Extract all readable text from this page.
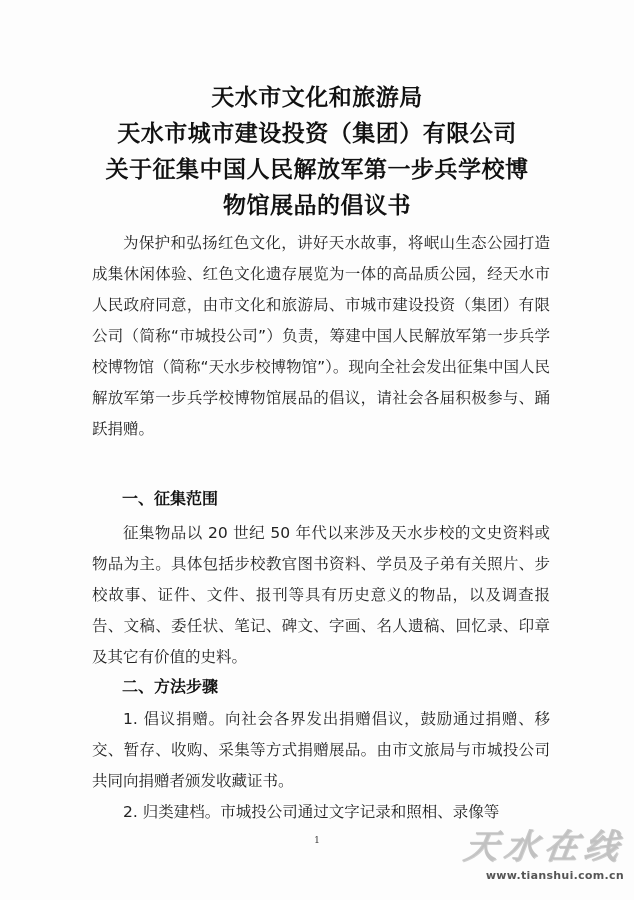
天水市文化和旅游局
天水市城市建设投资（集团）有限公司
关于征集中国人民解放军第一步兵学校博
物馆展品的倡议书

为保护和弘扬红色文化，讲好天水故事，将岷山生态公园打造成集休闲体验、红色文化遗存展览为一体的高品质公园，经天水市人民政府同意，由市文化和旅游局、市城市建设投资（集团）有限公司（简称“市城投公司”）负责，筹建中国人民解放军第一步兵学校博物馆（简称“天水步校博物馆”）。现向全社会发出征集中国人民解放军第一步兵学校博物馆展品的倡议，请社会各届积极参与、踊跃捐赠。

一、征集范围

征集物品以 20 世纪 50 年代以来涉及天水步校的文史资料或物品为主。具体包括步校教官图书资料、学员及子弟有关照片、步校故事、证件、文件、报刊等具有历史意义的物品，以及调查报告、文稿、委任状、笔记、碑文、字画、名人遗稿、回忆录、印章及其它有价值的史料。

二、方法步骤

1. 倡议捐赠。向社会各界发出捐赠倡议，鼓励通过捐赠、移交、暂存、收购、采集等方式捐赠展品。由市文旅局与市城投公司共同向捐赠者颁发收藏证书。

2. 归类建档。市城投公司通过文字记录和照相、录像等

1	天水在线
www.tianshui.com.cn
